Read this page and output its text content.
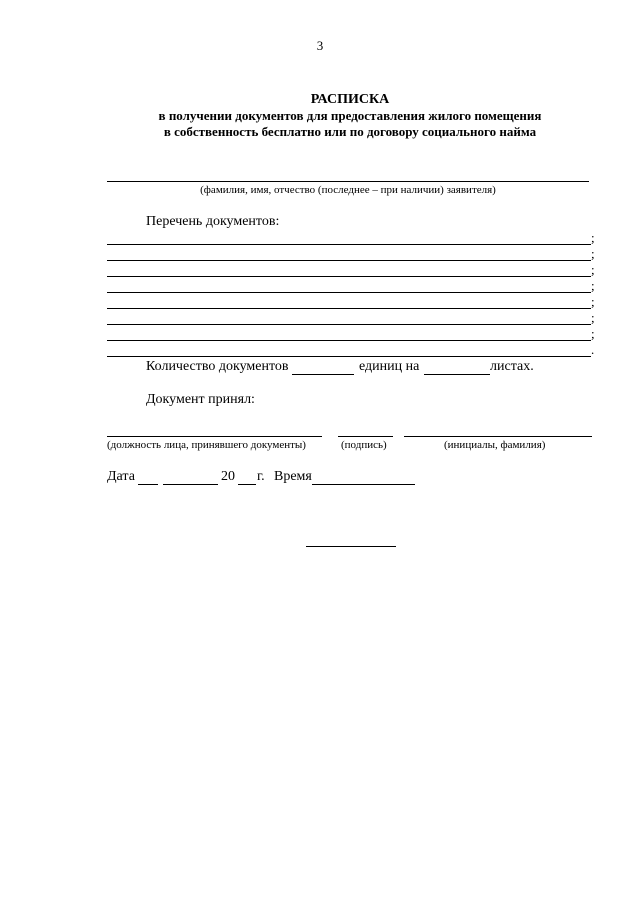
3
РАСПИСКА
в получении документов для предоставления жилого помещения
в собственность бесплатно или по договору социального найма
(фамилия, имя, отчество (последнее – при наличии) заявителя)
Перечень документов:
;
;
;
;
;
;
;
.
Количество документов	единиц на	листах.
Документ принял:
(должность лица, принявшего документы)	(подпись)	(инициалы, фамилия)
Дата	20 г. Время
